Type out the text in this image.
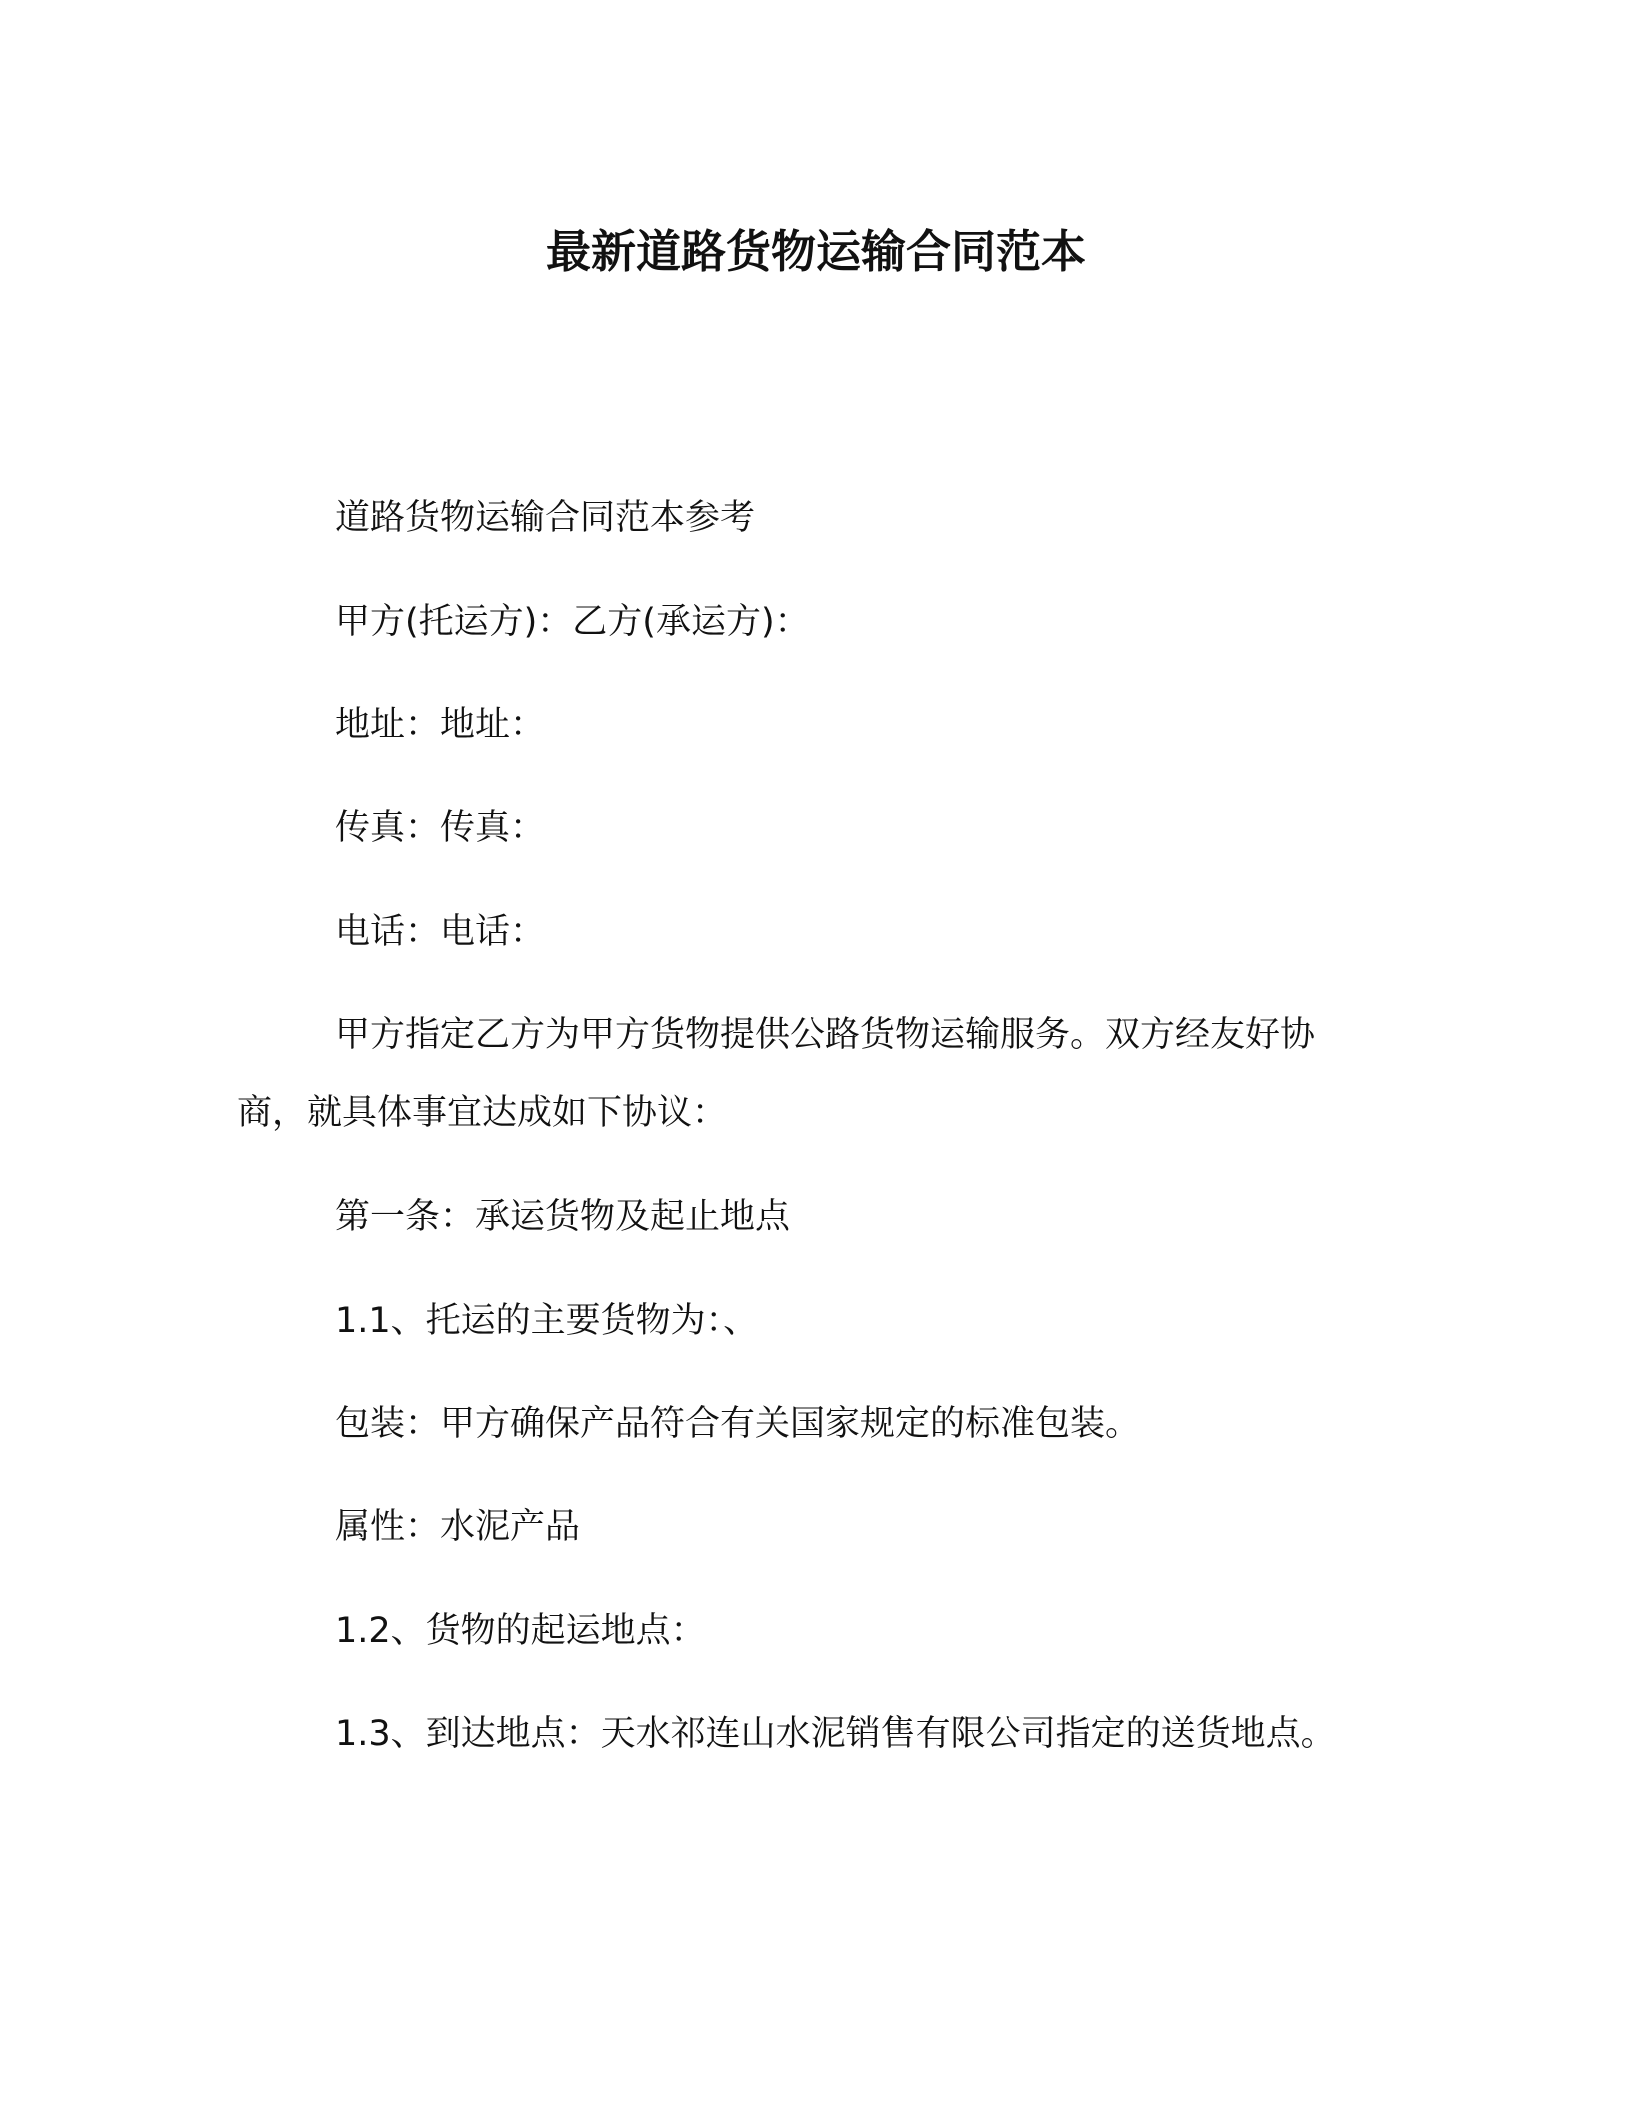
最新道路货物运输合同范本
道路货物运输合同范本参考
甲方(托运方)：乙方(承运方)：
地址：地址：
传真：传真：
电话：电话：
甲方指定乙方为甲方货物提供公路货物运输服务。双方经友好协
商，就具体事宜达成如下协议：
第一条：承运货物及起止地点
1.1、托运的主要货物为：、
包装：甲方确保产品符合有关国家规定的标准包装。
属性：水泥产品
1.2、货物的起运地点：
1.3、到达地点：天水祁连山水泥销售有限公司指定的送货地点。
